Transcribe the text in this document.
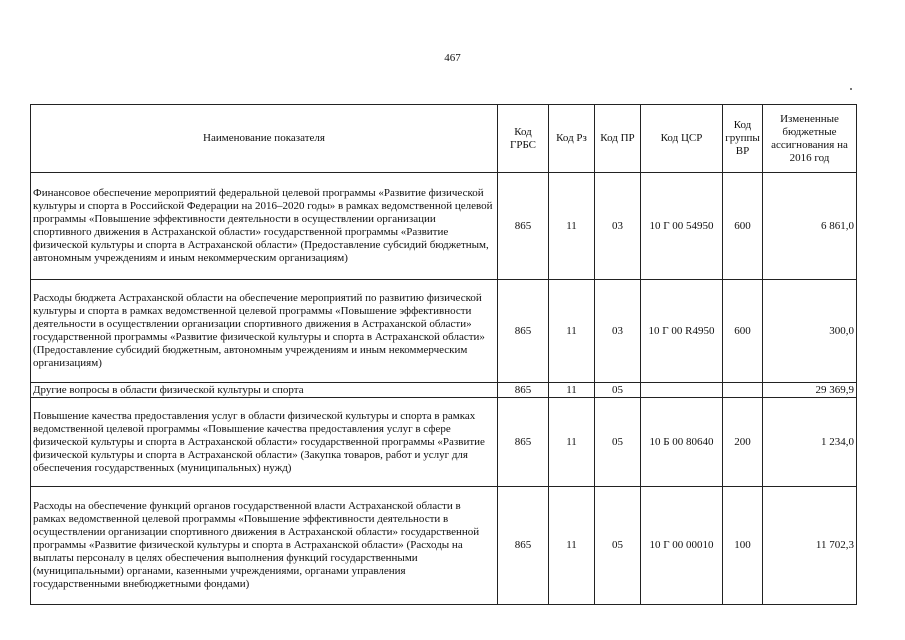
467
Наименование показателя	Код ГРБС	Код Рз	Код ПР	Код ЦСР	Код группы ВР	Измененные бюджетные ассигнования на 2016 год
Финансовое обеспечение мероприятий федеральной целевой программы «Развитие физической культуры и спорта в Российской Федерации на 2016–2020 годы» в рамках ведомственной целевой программы «Повышение эффективности деятельности в осуществлении организации спортивного движения в Астраханской области» государственной программы «Развитие физической культуры и спорта в Астраханской области» (Предоставление субсидий бюджетным, автономным учреждениям и иным некоммерческим организациям)	865	11	03	10 Г 00 54950	600	6 861,0
Расходы бюджета Астраханской области на обеспечение мероприятий по развитию физической культуры и спорта в рамках ведомственной целевой программы «Повышение эффективности деятельности в осуществлении организации спортивного движения в Астраханской области» государственной программы «Развитие физической культуры и спорта в Астраханской области» (Предоставление субсидий бюджетным, автономным учреждениям и иным некоммерческим организациям)	865	11	03	10 Г 00 R4950	600	300,0
Другие вопросы в области физической культуры и спорта	865	11	05			29 369,9
Повышение качества предоставления услуг в области физической культуры и спорта в рамках ведомственной целевой программы «Повышение качества предоставления услуг в сфере физической культуры и спорта в Астраханской области» государственной программы «Развитие физической культуры и спорта в Астраханской области» (Закупка товаров, работ и услуг для обеспечения государственных (муниципальных) нужд)	865	11	05	10 Б 00 80640	200	1 234,0
Расходы на обеспечение функций органов государственной власти Астраханской области в рамках ведомственной целевой программы «Повышение эффективности деятельности в осуществлении организации спортивного движения в Астраханской области» государственной программы «Развитие физической культуры и спорта в Астраханской области» (Расходы на выплаты персоналу в целях обеспечения выполнения функций государственными (муниципальными) органами, казенными учреждениями, органами управления государственными внебюджетными фондами)	865	11	05	10 Г 00 00010	100	11 702,3
